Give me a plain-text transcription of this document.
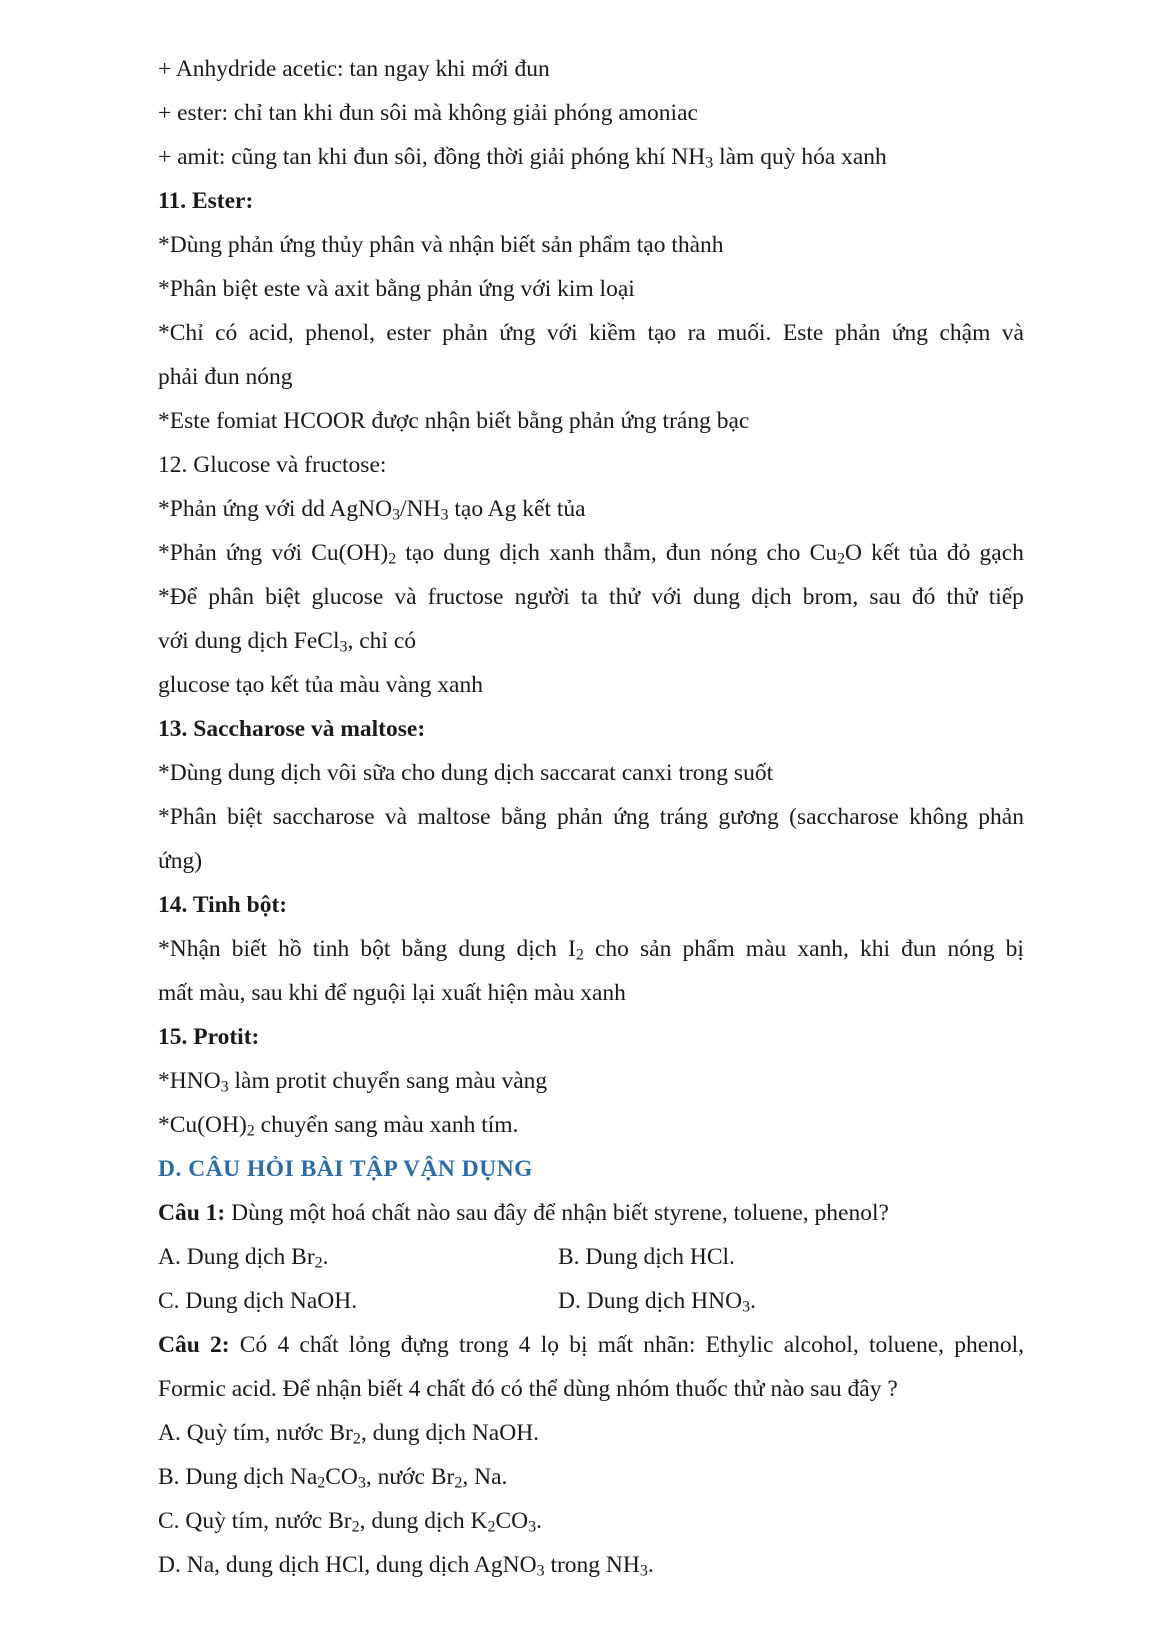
+ Anhydride acetic: tan ngay khi mới đun
+ ester: chỉ tan khi đun sôi mà không giải phóng amoniac
+ amit: cũng tan khi đun sôi, đồng thời giải phóng khí $NH_3$ làm quỳ hóa xanh
11. Ester:
*Dùng phản ứng thủy phân và nhận biết sản phẩm tạo thành
*Phân biệt este và axit bằng phản ứng với kim loại
*Chỉ có acid, phenol, ester phản ứng với kiềm tạo ra muối. Este phản ứng chậm và
phải đun nóng
*Este fomiat HCOOR được nhận biết bằng phản ứng tráng bạc
12. Glucose và fructose:
*Phản ứng với dd $AgNO_3/NH_3$ tạo Ag kết tủa
*Phản ứng với $Cu(OH)_2$ tạo dung dịch xanh thẫm, đun nóng cho $Cu_2O$ kết tủa đỏ gạch
*Để phân biệt glucose và fructose người ta thử với dung dịch brom, sau đó thử tiếp
với dung dịch FeCl$_3$, chỉ có
glucose tạo kết tủa màu vàng xanh
13. Saccharose và maltose:
*Dùng dung dịch vôi sữa cho dung dịch saccarat canxi trong suốt
*Phân biệt saccharose và maltose bằng phản ứng tráng gương (saccharose không phản
ứng)
14. Tinh bột:
*Nhận biết hồ tinh bột bằng dung dịch $I_2$ cho sản phẩm màu xanh, khi đun nóng bị
mất màu, sau khi để nguội lại xuất hiện màu xanh
15. Protit:
$*HNO_3$ làm protit chuyển sang màu vàng
$*Cu(OH)_2$ chuyển sang màu xanh tím.
D. CÂU HỎI BÀI TẬP VẬN DỤNG
Câu 1: Dùng một hoá chất nào sau đây để nhận biết styrene, toluene, phenol?
A. Dung dịch $Br_2$.	B. Dung dịch HCl.
C. Dung dịch NaOH.	D. Dung dịch $HNO_3$.
Câu 2: Có 4 chất lỏng đựng trong 4 lọ bị mất nhãn: Ethylic alcohol, toluene, phenol,
Formic acid. Để nhận biết 4 chất đó có thể dùng nhóm thuốc thử nào sau đây ?
A. Quỳ tím, nước $Br_2$, dung dịch NaOH.
B. Dung dịch $Na_2CO_3$, nước $Br_2$, Na.
C. Quỳ tím, nước $Br_2$, dung dịch $K_2CO_3$.
D. Na, dung dịch HCl, dung dịch AgNO$_3$ trong $NH_3$.
